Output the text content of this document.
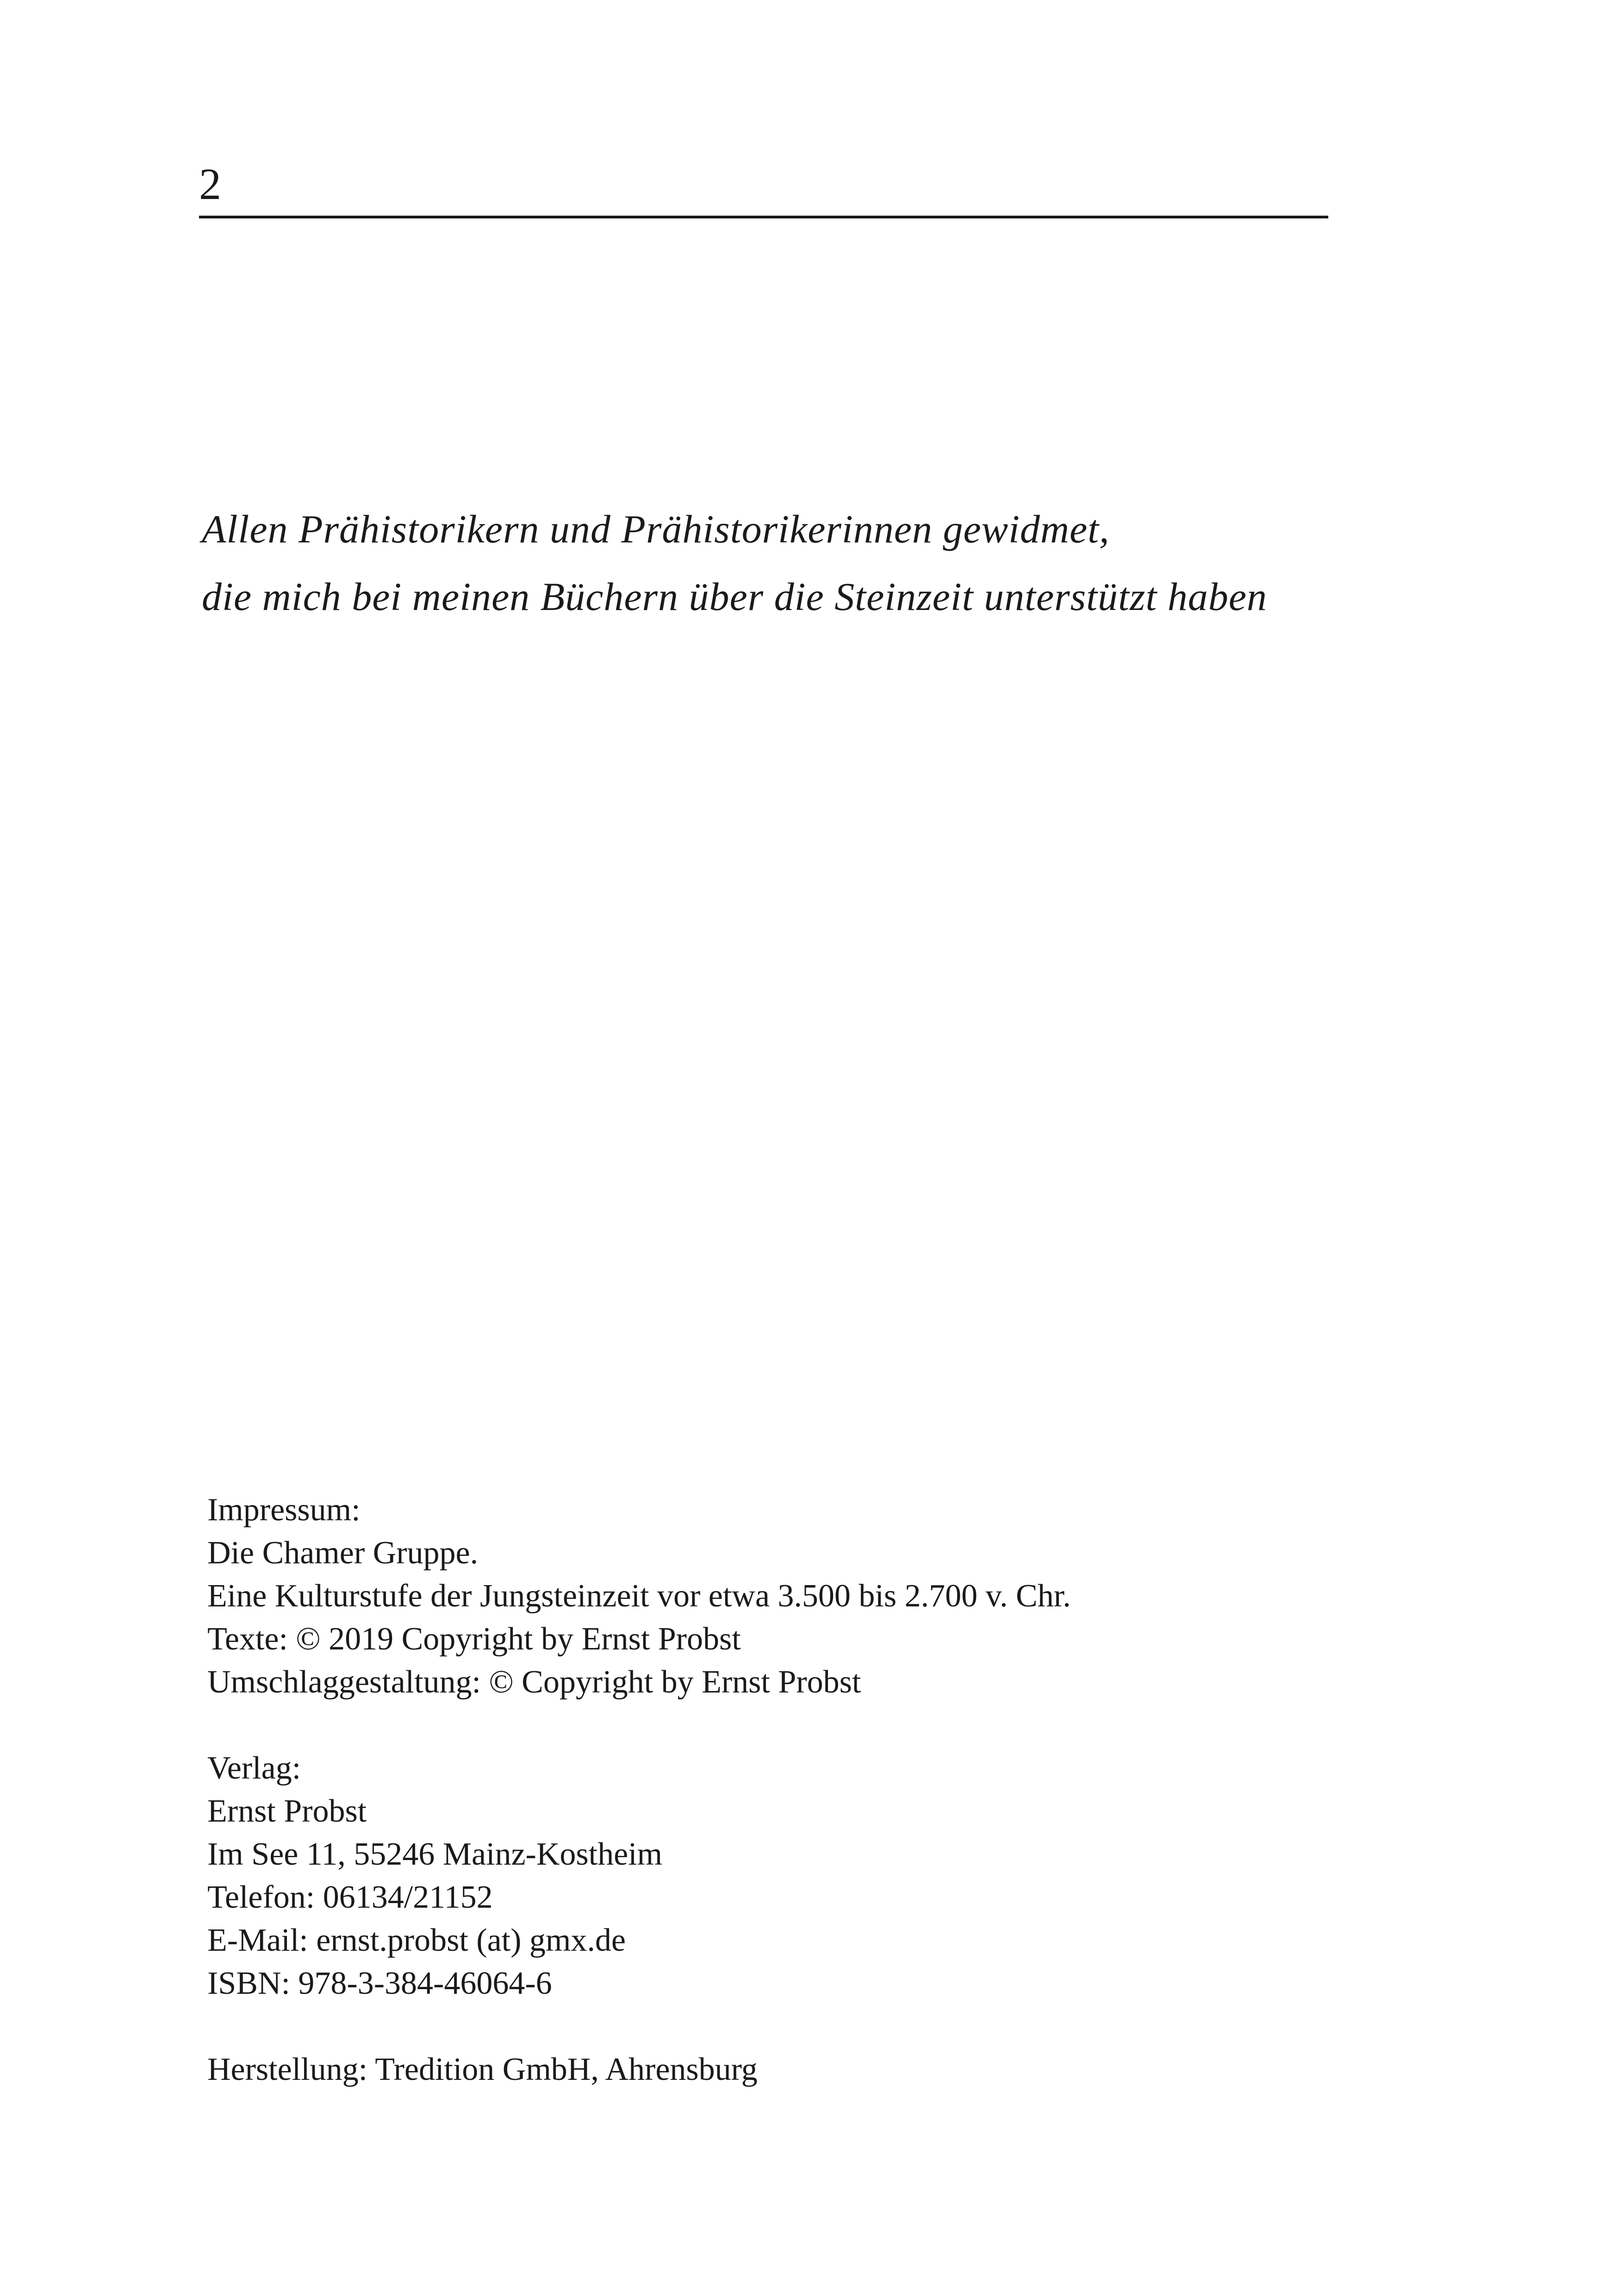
2
Allen Prähistorikern und Prähistorikerinnen gewidmet,
die mich bei meinen Büchern über die Steinzeit unterstützt haben
Impressum:
Die Chamer Gruppe.
Eine Kulturstufe der Jungsteinzeit vor etwa 3.500 bis 2.700 v. Chr.
Texte: © 2019 Copyright by Ernst Probst
Umschlaggestaltung: © Copyright by Ernst Probst
Verlag:
Ernst Probst
Im See 11, 55246 Mainz-Kostheim
Telefon: 06134/21152
E-Mail: ernst.probst (at) gmx.de
ISBN: 978-3-384-46064-6
Herstellung: Tredition GmbH, Ahrensburg
